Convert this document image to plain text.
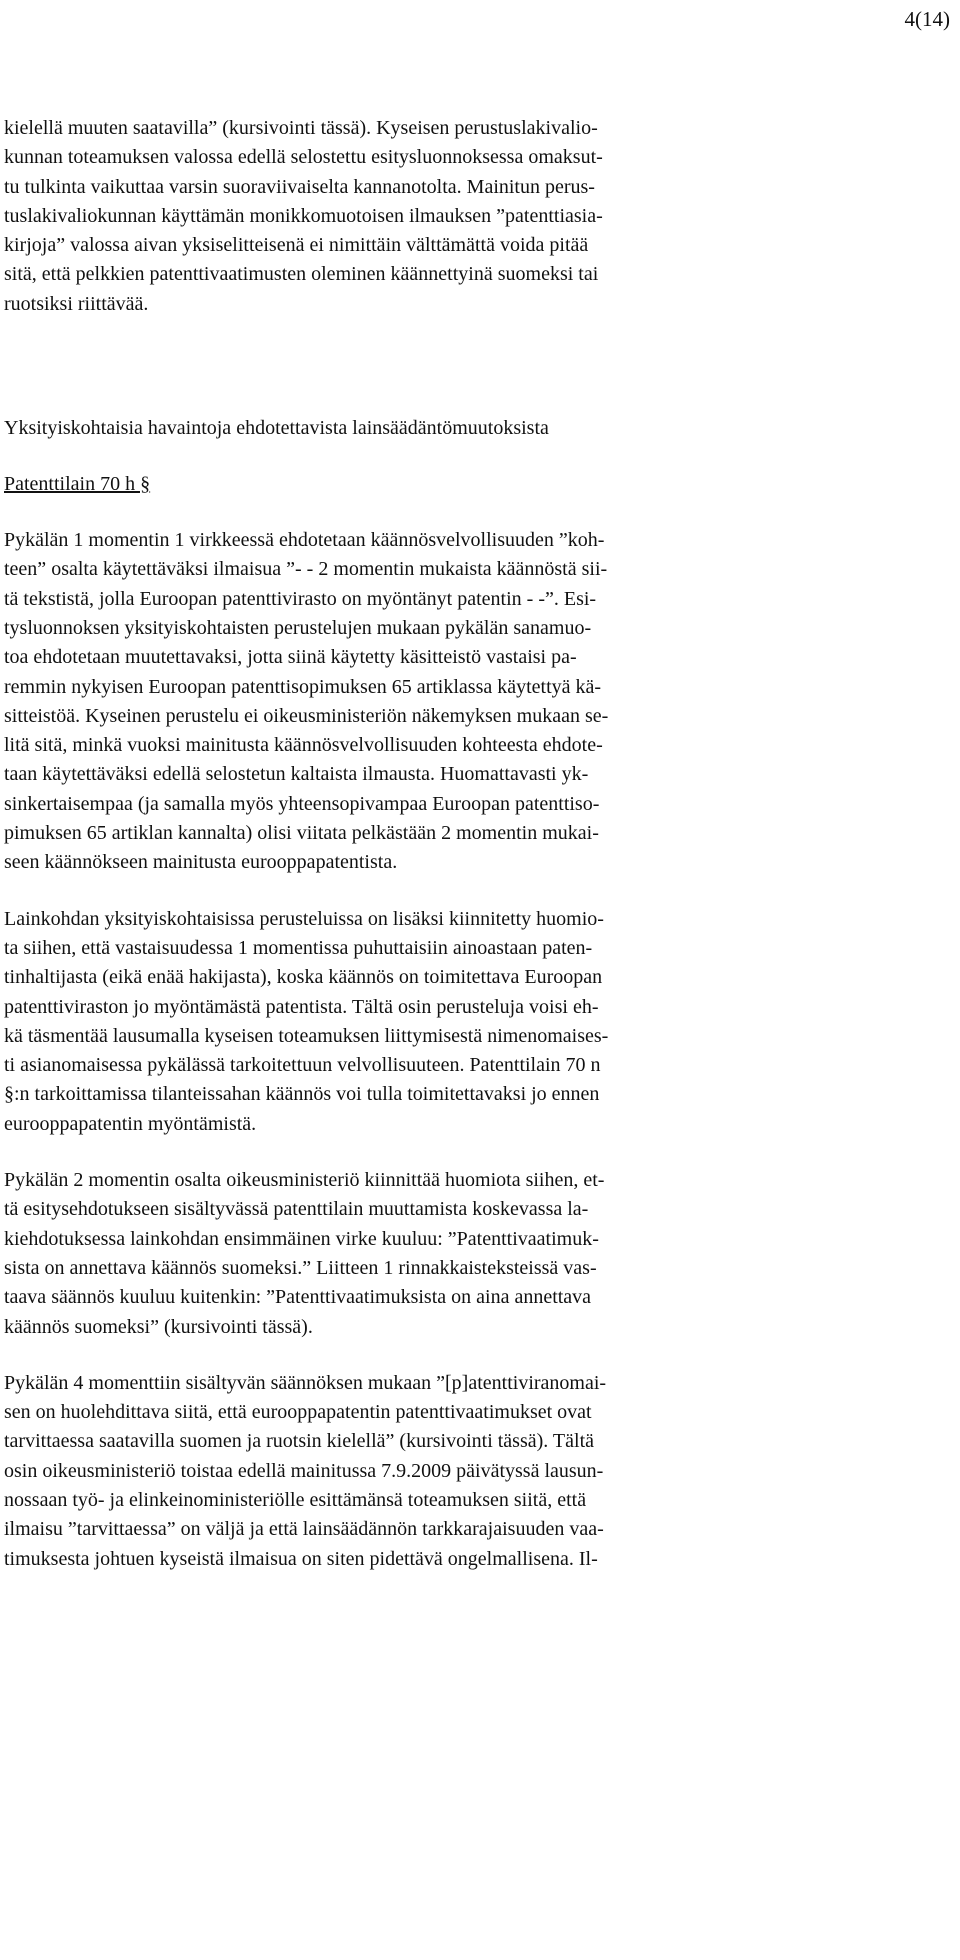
4(14)

kielellä muuten saatavilla” (kursivointi tässä). Kyseisen perustuslakivalio-
kunnan toteamuksen valossa edellä selostettu esitysluonnoksessa omaksut-
tu tulkinta vaikuttaa varsin suoraviivaiselta kannanotolta. Mainitun perus-
tuslakivaliokunnan käyttämän monikkomuotoisen ilmauksen ”patenttiasia-
kirjoja” valossa aivan yksiselitteisenä ei nimittäin välttämättä voida pitää
sitä, että pelkkien patenttivaatimusten oleminen käännettyinä suomeksi tai
ruotsiksi riittävää.

Yksityiskohtaisia havaintoja ehdotettavista lainsäädäntömuutoksista

Patenttilain 70 h §

Pykälän 1 momentin 1 virkkeessä ehdotetaan käännösvelvollisuuden ”koh-
teen” osalta käytettäväksi ilmaisua ”- - 2 momentin mukaista käännöstä sii-
tä tekstistä, jolla Euroopan patenttivirasto on myöntänyt patentin - -”. Esi-
tysluonnoksen yksityiskohtaisten perustelujen mukaan pykälän sanamuo-
toa ehdotetaan muutettavaksi, jotta siinä käytetty käsitteistö vastaisi pa-
remmin nykyisen Euroopan patenttisopimuksen 65 artiklassa käytettyä kä-
sitteistöä. Kyseinen perustelu ei oikeusministeriön näkemyksen mukaan se-
litä sitä, minkä vuoksi mainitusta käännösvelvollisuuden kohteesta ehdote-
taan käytettäväksi edellä selostetun kaltaista ilmausta. Huomattavasti yk-
sinkertaisempaa (ja samalla myös yhteensopivampaa Euroopan patenttiso-
pimuksen 65 artiklan kannalta) olisi viitata pelkästään 2 momentin mukai-
seen käännökseen mainitusta eurooppapatentista.

Lainkohdan yksityiskohtaisissa perusteluissa on lisäksi kiinnitetty huomio-
ta siihen, että vastaisuudessa 1 momentissa puhuttaisiin ainoastaan paten-
tinhaltijasta (eikä enää hakijasta), koska käännös on toimitettava Euroopan
patenttiviraston jo myöntämästä patentista. Tältä osin perusteluja voisi eh-
kä täsmentää lausumalla kyseisen toteamuksen liittymisestä nimenomaises-
ti asianomaisessa pykälässä tarkoitettuun velvollisuuteen. Patenttilain 70 n
§:n tarkoittamissa tilanteissahan käännös voi tulla toimitettavaksi jo ennen
eurooppapatentin myöntämistä.

Pykälän 2 momentin osalta oikeusministeriö kiinnittää huomiota siihen, et-
tä esitysehdotukseen sisältyvässä patenttilain muuttamista koskevassa la-
kiehdotuksessa lainkohdan ensimmäinen virke kuuluu: ”Patenttivaatimuk-
sista on annettava käännös suomeksi.” Liitteen 1 rinnakkaisteksteissä vas-
taava säännös kuuluu kuitenkin: ”Patenttivaatimuksista on aina annettava
käännös suomeksi” (kursivointi tässä).

Pykälän 4 momenttiin sisältyvän säännöksen mukaan ”[p]atenttiviranomai-
sen on huolehdittava siitä, että eurooppapatentin patenttivaatimukset ovat
tarvittaessa saatavilla suomen ja ruotsin kielellä” (kursivointi tässä). Tältä
osin oikeusministeriö toistaa edellä mainitussa 7.9.2009 päivätyssä lausun-
nossaan työ- ja elinkeinoministeriölle esittämänsä toteamuksen siitä, että
ilmaisu ”tarvittaessa” on väljä ja että lainsäädännön tarkkarajaisuuden vaa-
timuksesta johtuen kyseistä ilmaisua on siten pidettävä ongelmallisena. Il-
